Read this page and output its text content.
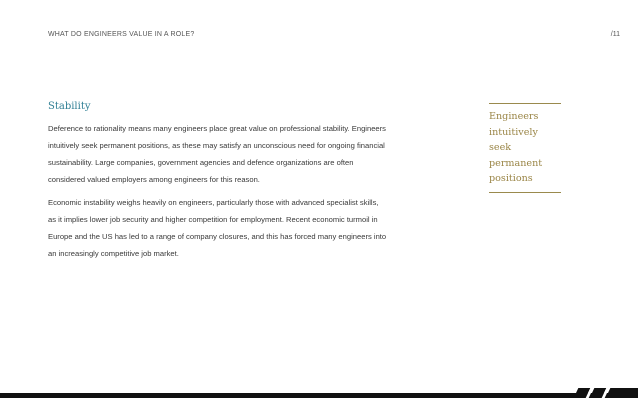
WHAT DO ENGINEERS VALUE IN A ROLE?	/11
Stability

Deference to rationality means many engineers place great value on professional stability. Engineers intuitively seek permanent positions, as these may satisfy an unconscious need for ongoing financial sustainability. Large companies, government agencies and defence organizations are often considered valued employers among engineers for this reason.

Economic instability weighs heavily on engineers, particularly those with advanced specialist skills, as it implies lower job security and higher competition for employment. Recent economic turmoil in Europe and the US has led to a range of company closures, and this has forced many engineers into an increasingly competitive job market.

Engineers intuitively seek permanent positions
